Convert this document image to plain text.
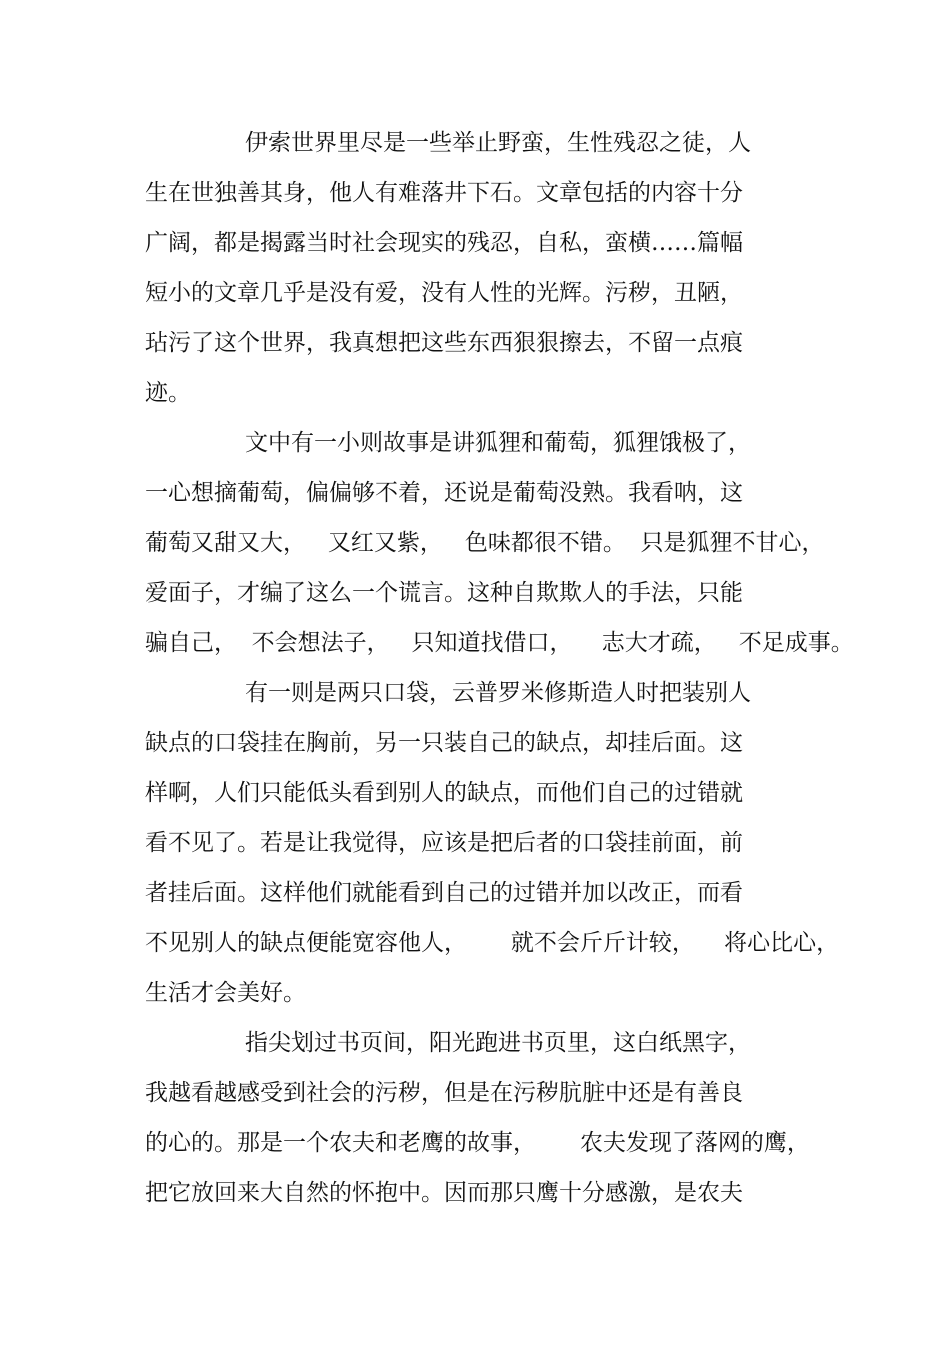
伊索世界里尽是一些举止野蛮，生性残忍之徒，人
生在世独善其身，他人有难落井下石。文章包括的内容十分
广阔，都是揭露当时社会现实的残忍，自私，蛮横……篇幅
短小的文章几乎是没有爱，没有人性的光辉。污秽，丑陋，
玷污了这个世界，我真想把这些东西狠狠擦去，不留一点痕
迹。
文中有一小则故事是讲狐狸和葡萄，狐狸饿极了，
一心想摘葡萄，偏偏够不着，还说是葡萄没熟。我看呐，这
葡萄又甜又大，   又红又紫，   色味都很不错。  只是狐狸不甘心，
爱面子，才编了这么一个谎言。这种自欺欺人的手法，只能
骗自己，  不会想法子，   只知道找借口，    志大才疏，   不足成事。
有一则是两只口袋，云普罗米修斯造人时把装别人
缺点的口袋挂在胸前，另一只装自己的缺点，却挂后面。这
样啊，人们只能低头看到别人的缺点，而他们自己的过错就
看不见了。若是让我觉得，应该是把后者的口袋挂前面，前
者挂后面。这样他们就能看到自己的过错并加以改正，而看
不见别人的缺点便能宽容他人，      就不会斤斤计较，    将心比心，
生活才会美好。
指尖划过书页间，阳光跑进书页里，这白纸黑字，
我越看越感受到社会的污秽，但是在污秽肮脏中还是有善良
的心的。那是一个农夫和老鹰的故事，      农夫发现了落网的鹰，
把它放回来大自然的怀抱中。因而那只鹰十分感激，是农夫
